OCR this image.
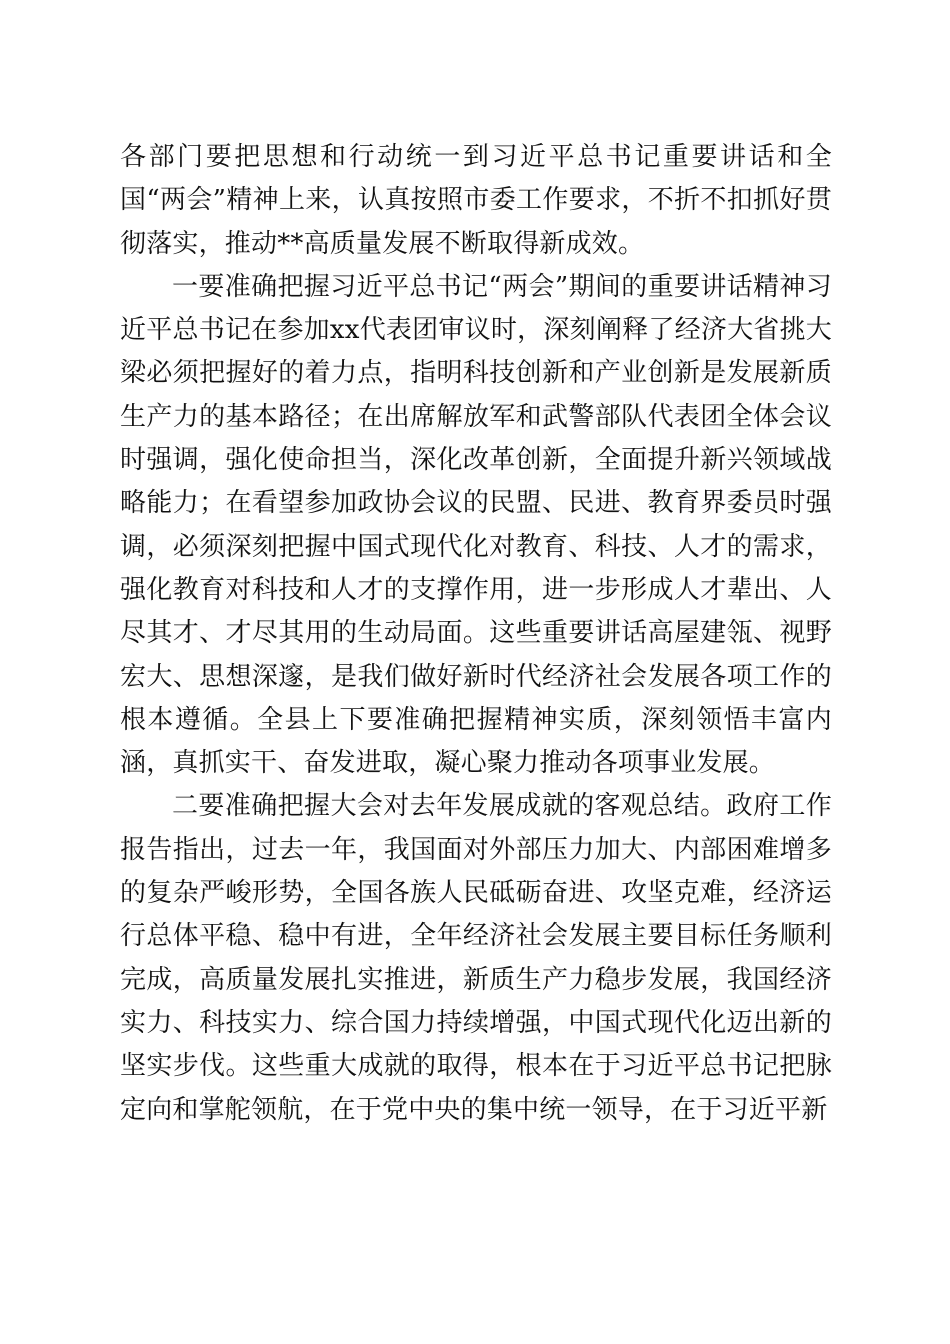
各部门要把思想和行动统一到习近平总书记重要讲话和全国“两会”精神上来，认真按照市委工作要求，不折不扣抓好贯彻落实，推动**高质量发展不断取得新成效。

一要准确把握习近平总书记“两会”期间的重要讲话精神习近平总书记在参加xx代表团审议时，深刻阐释了经济大省挑大梁必须把握好的着力点，指明科技创新和产业创新是发展新质生产力的基本路径；在出席解放军和武警部队代表团全体会议时强调，强化使命担当，深化改革创新，全面提升新兴领域战略能力；在看望参加政协会议的民盟、民进、教育界委员时强调，必须深刻把握中国式现代化对教育、科技、人才的需求，强化教育对科技和人才的支撑作用，进一步形成人才辈出、人尽其才、才尽其用的生动局面。这些重要讲话高屋建瓴、视野宏大、思想深邃，是我们做好新时代经济社会发展各项工作的根本遵循。全县上下要准确把握精神实质，深刻领悟丰富内涵，真抓实干、奋发进取，凝心聚力推动各项事业发展。

二要准确把握大会对去年发展成就的客观总结。政府工作报告指出，过去一年，我国面对外部压力加大、内部困难增多的复杂严峻形势，全国各族人民砥砺奋进、攻坚克难，经济运行总体平稳、稳中有进，全年经济社会发展主要目标任务顺利完成，高质量发展扎实推进，新质生产力稳步发展，我国经济实力、科技实力、综合国力持续增强，中国式现代化迈出新的坚实步伐。这些重大成就的取得，根本在于习近平总书记把脉定向和掌舵领航，在于党中央的集中统一领导，在于习近平新
